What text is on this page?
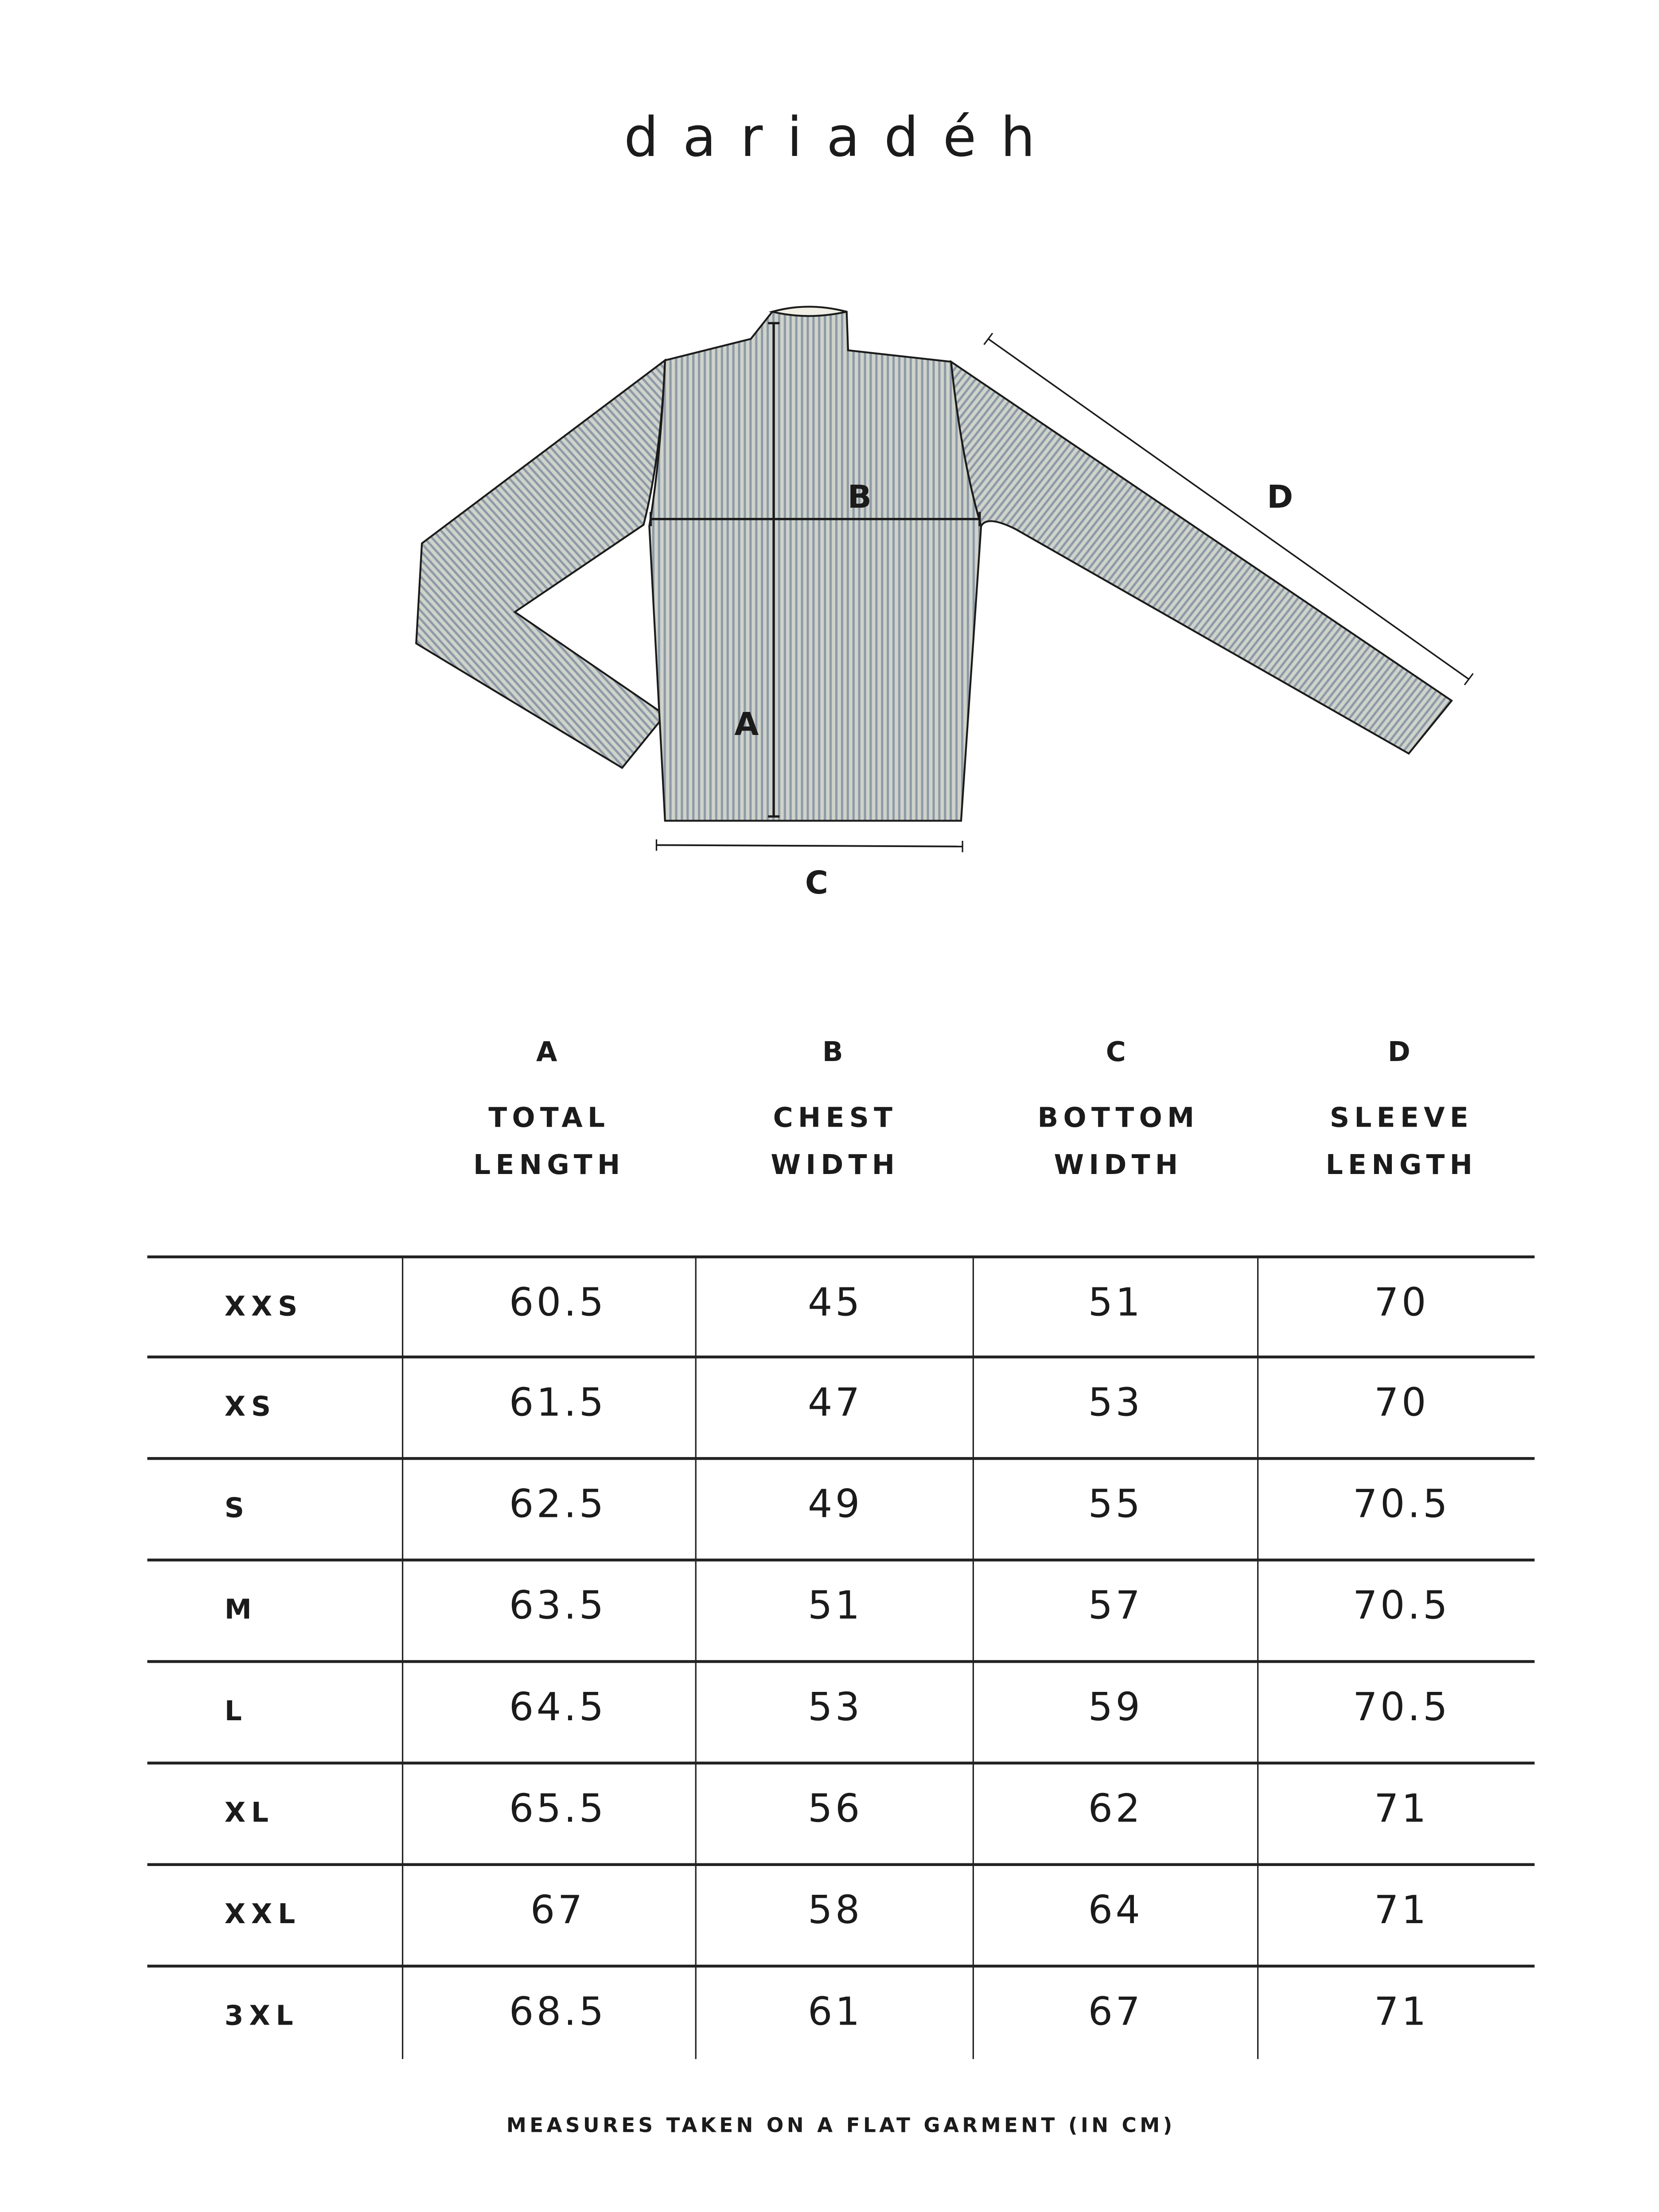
dariadéh
A
B
C
D
A
TOTAL
LENGTH
B
CHEST
WIDTH
C
BOTTOM
WIDTH
D
SLEEVE
LENGTH
XXS	60.5	45	51	70
XS	61.5	47	53	70
S	62.5	49	55	70.5
M	63.5	51	57	70.5
L	64.5	53	59	70.5
XL	65.5	56	62	71
XXL	67	58	64	71
3XL	68.5	61	67	71
MEASURES TAKEN ON A FLAT GARMENT (IN CM)
